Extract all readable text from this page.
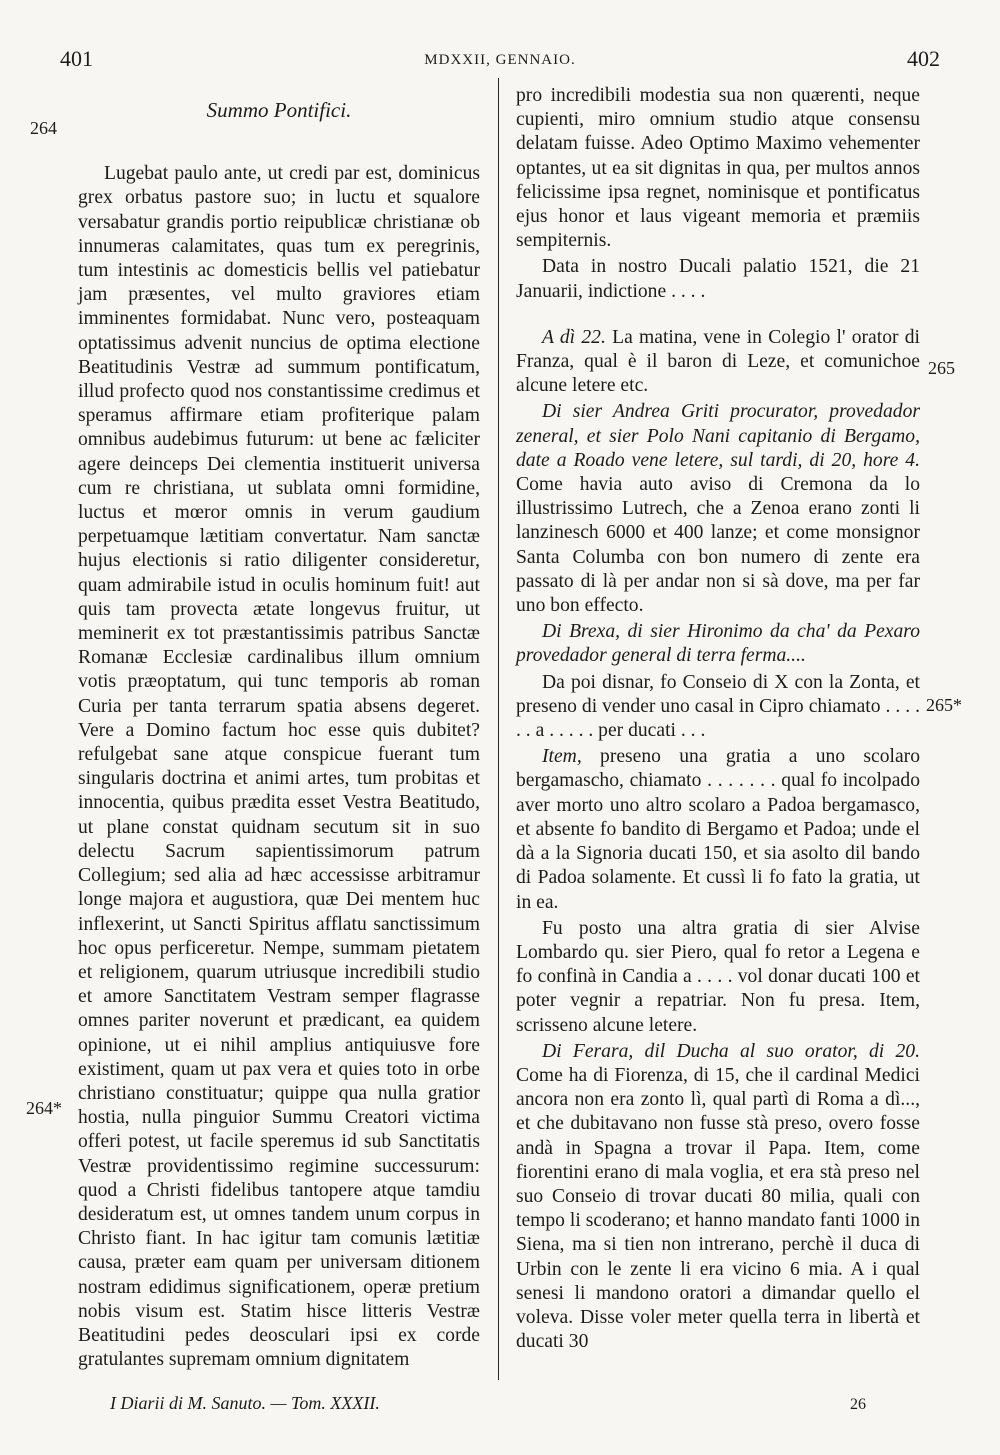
401	MDXXII, GENNAIO.	402
264
264*
265
265*
Summo Pontifici.

Lugebat paulo ante, ut credi par est, dominicus grex orbatus pastore suo; in luctu et squalore versabatur grandis portio reipublicæ christianæ ob innumeras calamitates, quas tum ex peregrinis, tum intestinis ac domesticis bellis vel patiebatur jam præsentes, vel multo graviores etiam imminentes formidabat. Nunc vero, posteaquam optatissimus advenit nuncius de optima electione Beatitudinis Vestræ ad summum pontificatum, illud profecto quod nos constantissime credimus et speramus affirmare etiam profiterique palam omnibus audebimus futurum: ut bene ac fæliciter agere deinceps Dei clementia instituerit universa cum re christiana, ut sublata omni formidine, luctus et mœror omnis in verum gaudium perpetuamque lætitiam convertatur. Nam sanctæ hujus electionis si ratio diligenter consideretur, quam admirabile istud in oculis hominum fuit! aut quis tam provecta ætate longevus fruitur, ut meminerit ex tot præstantissimis patribus Sanctæ Romanæ Ecclesiæ cardinalibus illum omnium votis præoptatum, qui tunc temporis ab roman Curia per tanta terrarum spatia absens degeret. Vere a Domino factum hoc esse quis dubitet? refulgebat sane atque conspicue fuerant tum singularis doctrina et animi artes, tum probitas et innocentia, quibus prædita esset Vestra Beatitudo, ut plane constat quidnam secutum sit in suo delectu Sacrum sapientissimorum patrum Collegium; sed alia ad hæc accessisse arbitramur longe majora et augustiora, quæ Dei mentem huc inflexerint, ut Sancti Spiritus afflatu sanctissimum hoc opus perficeretur. Nempe, summam pietatem et religionem, quarum utriusque incredibili studio et amore Sanctitatem Vestram semper flagrasse omnes pariter noverunt et prædicant, ea quidem opinione, ut ei nihil amplius antiquiusve fore existiment, quam ut pax vera et quies toto in orbe christiano constituatur; quippe qua nulla gratior hostia, nulla pinguior Summu Creatori victima offeri potest, ut facile speremus id sub Sanctitatis Vestræ providentissimo regimine successurum: quod a Christi fidelibus tantopere atque tamdiu desideratum est, ut omnes tandem unum corpus in Christo fiant. In hac igitur tam comunis lætitiæ causa, præter eam quam per universam ditionem nostram edidimus significationem, operæ pretium nobis visum est. Statim hisce litteris Vestræ Beatitudini pedes deosculari ipsi ex corde gratulantes supremam omnium dignitatem

pro incredibili modestia sua non quærenti, neque cupienti, miro omnium studio atque consensu delatam fuisse. Adeo Optimo Maximo vehementer optantes, ut ea sit dignitas in qua, per multos annos felicissime ipsa regnet, nominisque et pontificatus ejus honor et laus vigeant memoria et præmiis sempiternis.

Data in nostro Ducali palatio 1521, die 21 Januarii, indictione . . . .

A dì 22. La matina, vene in Colegio l' orator di Franza, qual è il baron di Leze, et comunichoe alcune letere etc.

Di sier Andrea Griti procurator, provedador zeneral, et sier Polo Nani capitanio di Bergamo, date a Roado vene letere, sul tardi, di 20, hore 4. Come havia auto aviso di Cremona da lo illustrissimo Lutrech, che a Zenoa erano zonti li lanzinesch 6000 et 400 lanze; et come monsignor Santa Columba con bon numero di zente era passato di là per andar non si sà dove, ma per far uno bon effecto.

Di Brexa, di sier Hironimo da cha' da Pexaro provedador general di terra ferma....

Da poi disnar, fo Conseio di X con la Zonta, et preseno di vender uno casal in Cipro chiamato . . . . . . a . . . . . per ducati . . .

Item, preseno una gratia a uno scolaro bergamascho, chiamato . . . . . . . qual fo incolpado aver morto uno altro scolaro a Padoa bergamasco, et absente fo bandito di Bergamo et Padoa; unde el dà a la Signoria ducati 150, et sia asolto dil bando di Padoa solamente. Et cussì li fo fato la gratia, ut in ea.

Fu posto una altra gratia di sier Alvise Lombardo qu. sier Piero, qual fo retor a Legena e fo confinà in Candia a . . . . vol donar ducati 100 et poter vegnir a repatriar. Non fu presa. Item, scrisseno alcune letere.

Di Ferara, dil Ducha al suo orator, di 20. Come ha di Fiorenza, di 15, che il cardinal Medici ancora non era zonto lì, qual partì di Roma a dì..., et che dubitavano non fusse stà preso, overo fosse andà in Spagna a trovar il Papa. Item, come fiorentini erano di mala voglia, et era stà preso nel suo Conseio di trovar ducati 80 milia, quali con tempo li scoderano; et hanno mandato fanti 1000 in Siena, ma si tien non intrerano, perchè il duca di Urbin con le zente li era vicino 6 mia. A i qual senesi li mandono oratori a dimandar quello el voleva. Disse voler meter quella terra in libertà et ducati 30

I Diarii di M. Sanuto. — Tom. XXXII.	26
